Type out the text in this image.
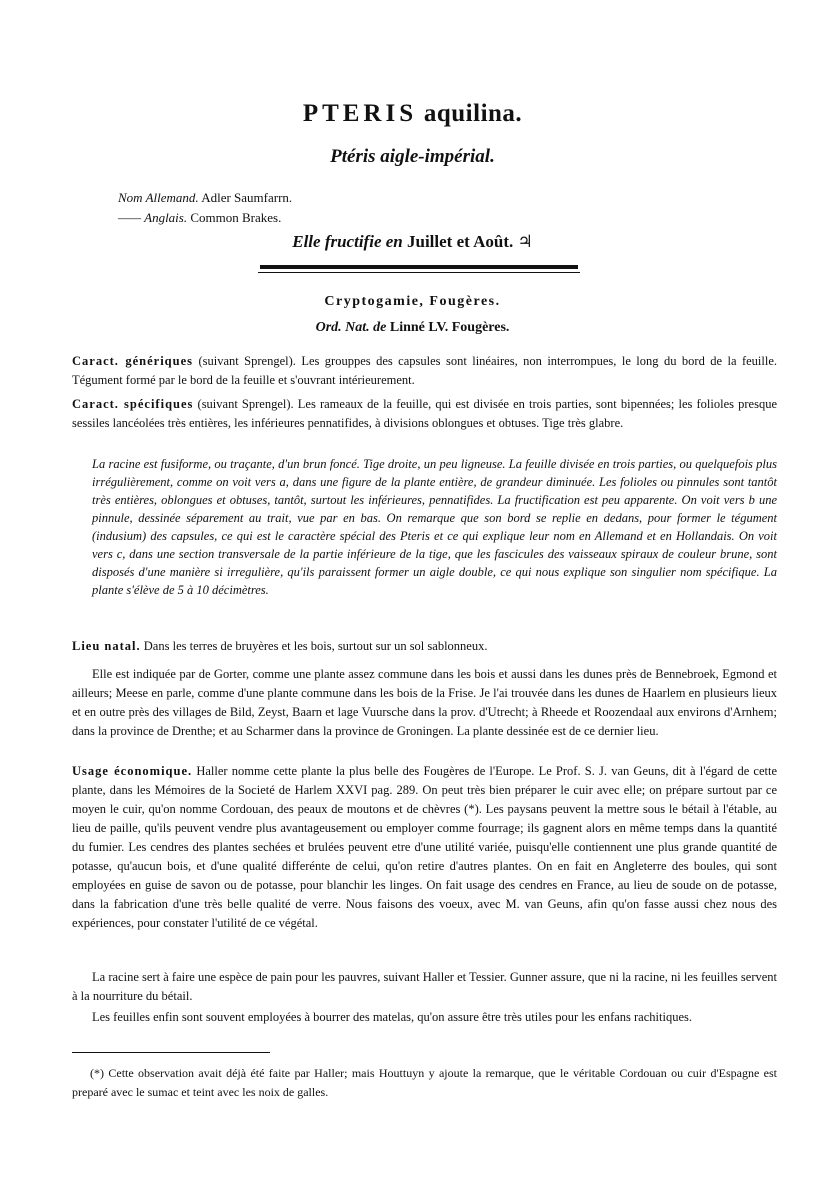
PTERIS aquilina.
Ptéris aigle-impérial.
Nom Allemand. Adler Saumfarrn.
—— Anglais. Common Brakes.
Elle fructifie en Juillet et Août. ♃
Cryptogamie, Fougères.
Ord. Nat. de Linné LV. Fougères.
Caract. génériques (suivant Sprengel). Les grouppes des capsules sont linéaires, non interrompues, le long du bord de la feuille. Tégument formé par le bord de la feuille et s'ouvrant intérieurement.
Caract. spécifiques (suivant Sprengel). Les rameaux de la feuille, qui est divisée en trois parties, sont bipennées; les folioles presque sessiles lancéolées très entières, les inférieures pennatifides, à divisions oblongues et obtuses. Tige très glabre.
La racine est fusiforme, ou traçante, d'un brun foncé. Tige droite, un peu ligneuse. La feuille divisée en trois parties, ou quelquefois plus irrégulièrement, comme on voit vers a, dans une figure de la plante entière, de grandeur diminuée. Les folioles ou pinnules sont tantôt très entières, oblongues et obtuses, tantôt, surtout les inférieures, pennatifides. La fructification est peu apparente. On voit vers b une pinnule, dessinée séparement au trait, vue par en bas. On remarque que son bord se replie en dedans, pour former le tégument (indusium) des capsules, ce qui est le caractère spécial des Pteris et ce qui explique leur nom en Allemand et en Hollandais. On voit vers c, dans une section transversale de la partie inférieure de la tige, que les fascicules des vaisseaux spiraux de couleur brune, sont disposés d'une manière si irregulière, qu'ils paraissent former un aigle double, ce qui nous explique son singulier nom spécifique. La plante s'élève de 5 à 10 décimètres.
Lieu natal. Dans les terres de bruyères et les bois, surtout sur un sol sablonneux.
Elle est indiquée par de Gorter, comme une plante assez commune dans les bois et aussi dans les dunes près de Bennebroek, Egmond et ailleurs; Meese en parle, comme d'une plante commune dans les bois de la Frise. Je l'ai trouvée dans les dunes de Haarlem en plusieurs lieux et en outre près des villages de Bild, Zeyst, Baarn et lage Vuursche dans la prov. d'Utrecht; à Rheede et Roozendaal aux environs d'Arnhem; dans la province de Drenthe; et au Scharmer dans la province de Groningen. La plante dessinée est de ce dernier lieu.
Usage économique. Haller nomme cette plante la plus belle des Fougères de l'Europe. Le Prof. S. J. van Geuns, dit à l'égard de cette plante, dans les Mémoires de la Societé de Harlem XXVI pag. 289. On peut très bien préparer le cuir avec elle; on prépare surtout par ce moyen le cuir, qu'on nomme Cordouan, des peaux de moutons et de chèvres (*). Les paysans peuvent la mettre sous le bétail à l'étable, au lieu de paille, qu'ils peuvent vendre plus avantageusement ou employer comme fourrage; ils gagnent alors en même temps dans la quantité du fumier. Les cendres des plantes sechées et brulées peuvent etre d'une utilité variée, puisqu'elle contiennent une plus grande quantité de potasse, qu'aucun bois, et d'une qualité differénte de celui, qu'on retire d'autres plantes. On en fait en Angleterre des boules, qui sont employées en guise de savon ou de potasse, pour blanchir les linges. On fait usage des cendres en France, au lieu de soude on de potasse, dans la fabrication d'une très belle qualité de verre. Nous faisons des voeux, avec M. van Geuns, afin qu'on fasse aussi chez nous des expériences, pour constater l'utilité de ce végétal.
La racine sert à faire une espèce de pain pour les pauvres, suivant Haller et Tessier. Gunner assure, que ni la racine, ni les feuilles servent à la nourriture du bétail.
Les feuilles enfin sont souvent employées à bourrer des matelas, qu'on assure être très utiles pour les enfans rachitiques.
(*) Cette observation avait déjà été faite par Haller; mais Houttuyn y ajoute la remarque, que le véritable Cordouan ou cuir d'Espagne est preparé avec le sumac et teint avec les noix de galles.
